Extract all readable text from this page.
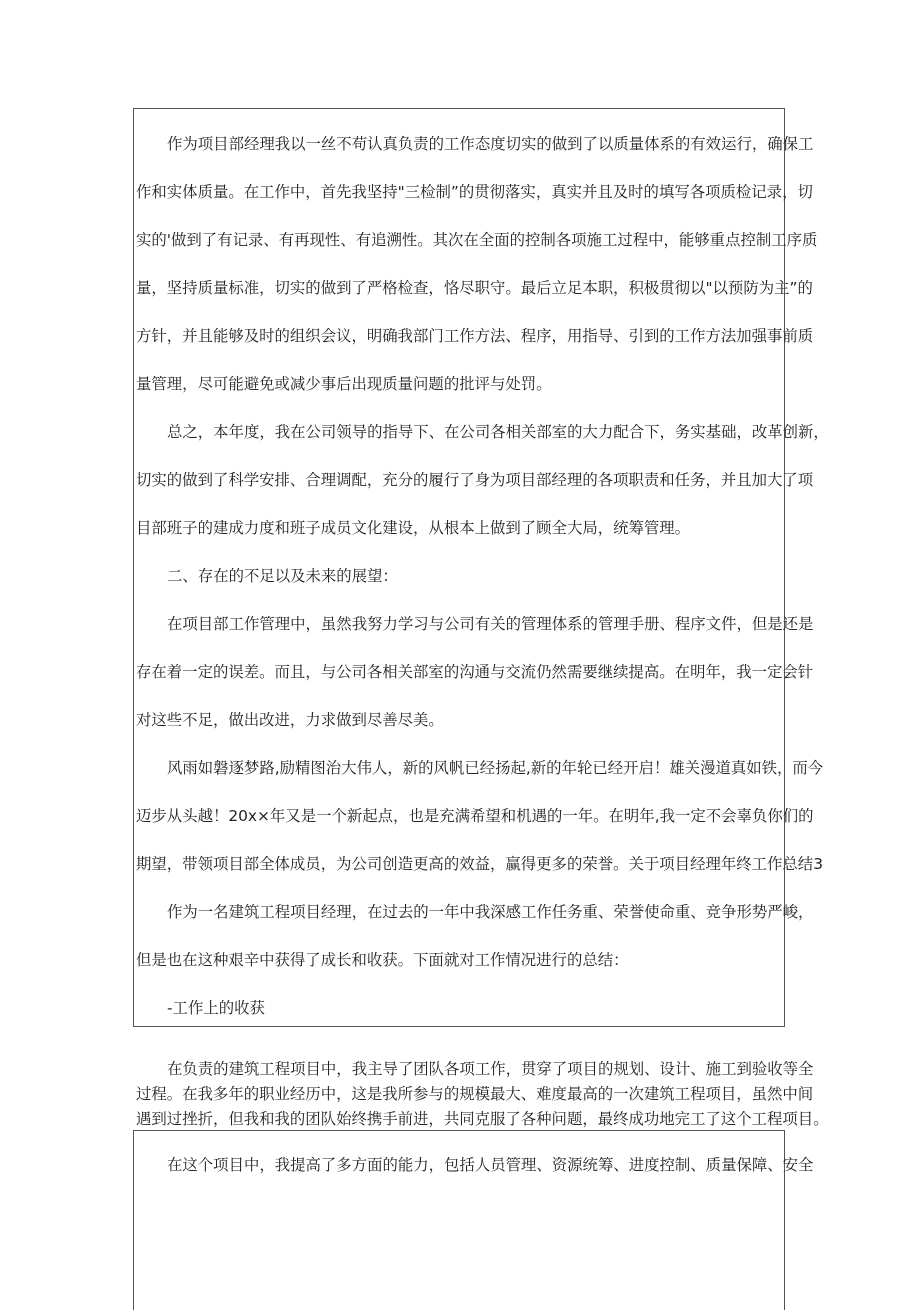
作为项目部经理我以一丝不苟认真负责的工作态度切实的做到了以质量体系的有效运行，确保工
作和实体质量。在工作中，首先我坚持"三检制”的贯彻落实，真实并且及时的填写各项质检记录，切
实的'做到了有记录、有再现性、有追溯性。其次在全面的控制各项施工过程中，能够重点控制工序质
量，坚持质量标准，切实的做到了严格检查，恪尽职守。最后立足本职，积极贯彻以"以预防为主”的
方针，并且能够及时的组织会议，明确我部门工作方法、程序，用指导、引到的工作方法加强事前质
量管理，尽可能避免或减少事后出现质量问题的批评与处罚。
总之，本年度，我在公司领导的指导下、在公司各相关部室的大力配合下，务实基础，改革创新，
切实的做到了科学安排、合理调配，充分的履行了身为项目部经理的各项职责和任务，并且加大了项
目部班子的建成力度和班子成员文化建设，从根本上做到了顾全大局，统筹管理。
二、存在的不足以及未来的展望：
在项目部工作管理中，虽然我努力学习与公司有关的管理体系的管理手册、程序文件，但是还是
存在着一定的误差。而且，与公司各相关部室的沟通与交流仍然需要继续提高。在明年，我一定会针
对这些不足，做出改进，力求做到尽善尽美。
风雨如磐逐梦路,励精图治大伟人，新的风帆已经扬起,新的年轮已经开启！雄关漫道真如铁，而今
迈步从头越！20x×年又是一个新起点，也是充满希望和机遇的一年。在明年,我一定不会辜负你们的
期望，带领项目部全体成员，为公司创造更高的效益，赢得更多的荣誉。关于项目经理年终工作总结3
作为一名建筑工程项目经理，在过去的一年中我深感工作任务重、荣誉使命重、竞争形势严峻，
但是也在这种艰辛中获得了成长和收获。下面就对工作情况进行的总结：
-工作上的收获
在负责的建筑工程项目中，我主导了团队各项工作，贯穿了项目的规划、设计、施工到验收等全
过程。在我多年的职业经历中，这是我所参与的规模最大、难度最高的一次建筑工程项目，虽然中间
遇到过挫折，但我和我的团队始终携手前进，共同克服了各种问题，最终成功地完工了这个工程项目。
在这个项目中，我提高了多方面的能力，包括人员管理、资源统筹、进度控制、质量保障、安全
